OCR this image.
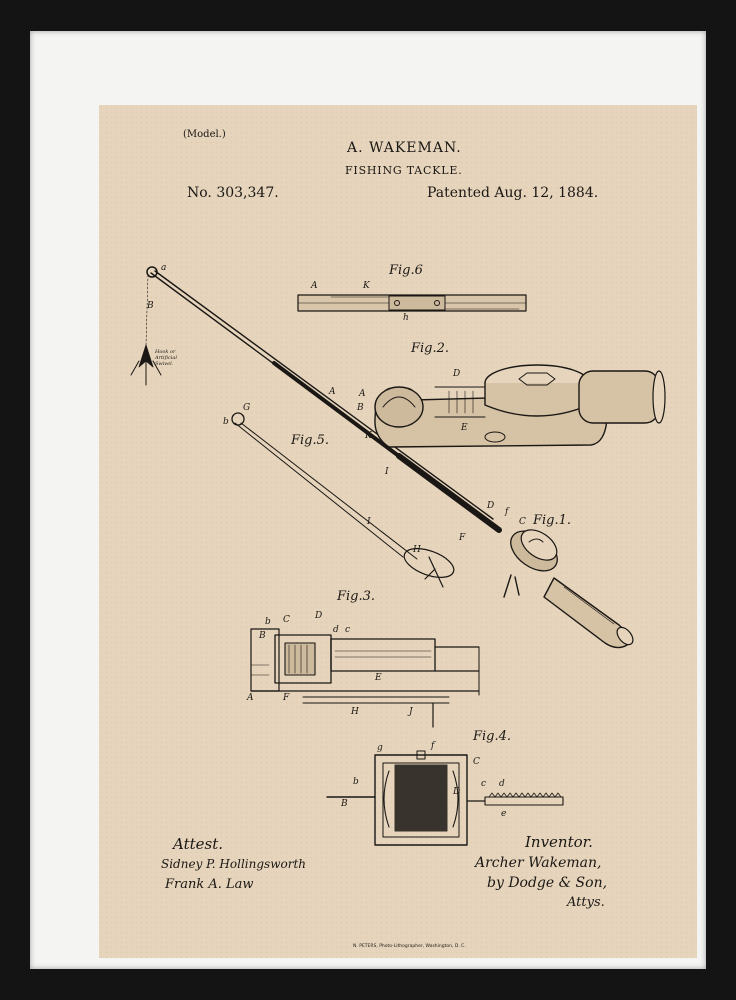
(Model.)
A. WAKEMAN.
FISHING TACKLE.
No. 303,347.	Patented Aug. 12, 1884.
Fig.6
Fig.2.
Fig.5.
Fig.1.
Fig.3.
Fig.4.
a
B
Hook or Artificial Swivel.
A	K
h
A
B
D
E
A
K
I
D
f
C
F
b
G
I
H
B
b C	D
d c
E
A	F
H	J
g	f
C
b
B
D
c d
e
Attest.
Sidney P. Hollingsworth
Frank A. Law
Inventor.
Archer Wakeman,
by Dodge & Son,
Attys.
N. PETERS, Photo-Lithographer, Washington, D. C.
